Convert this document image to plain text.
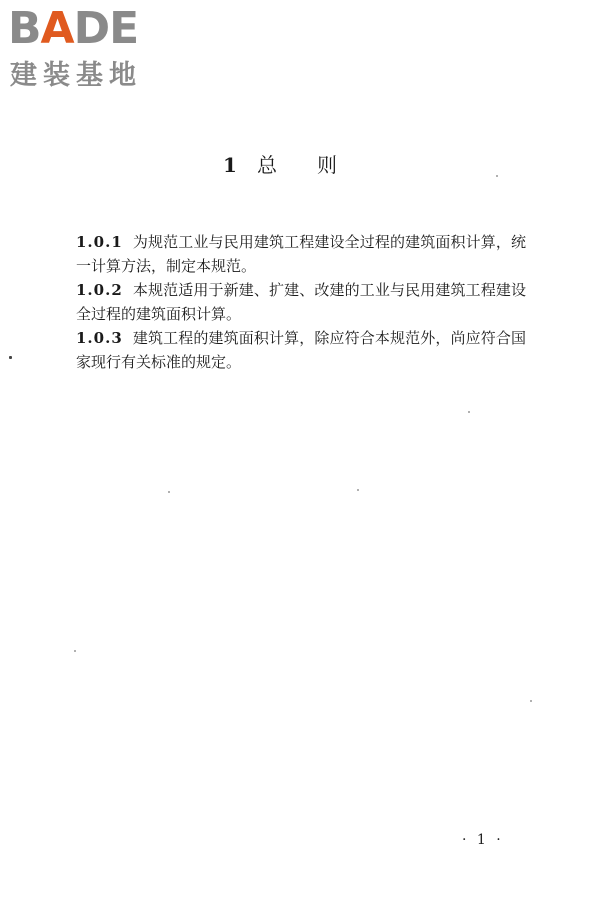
BADE
建装基地
1 总则

1.0.1 为规范工业与民用建筑工程建设全过程的建筑面积计算，统一计算方法，制定本规范。

1.0.2 本规范适用于新建、扩建、改建的工业与民用建筑工程建设全过程的建筑面积计算。

1.0.3 建筑工程的建筑面积计算，除应符合本规范外，尚应符合国家现行有关标准的规定。

· 1 ·
